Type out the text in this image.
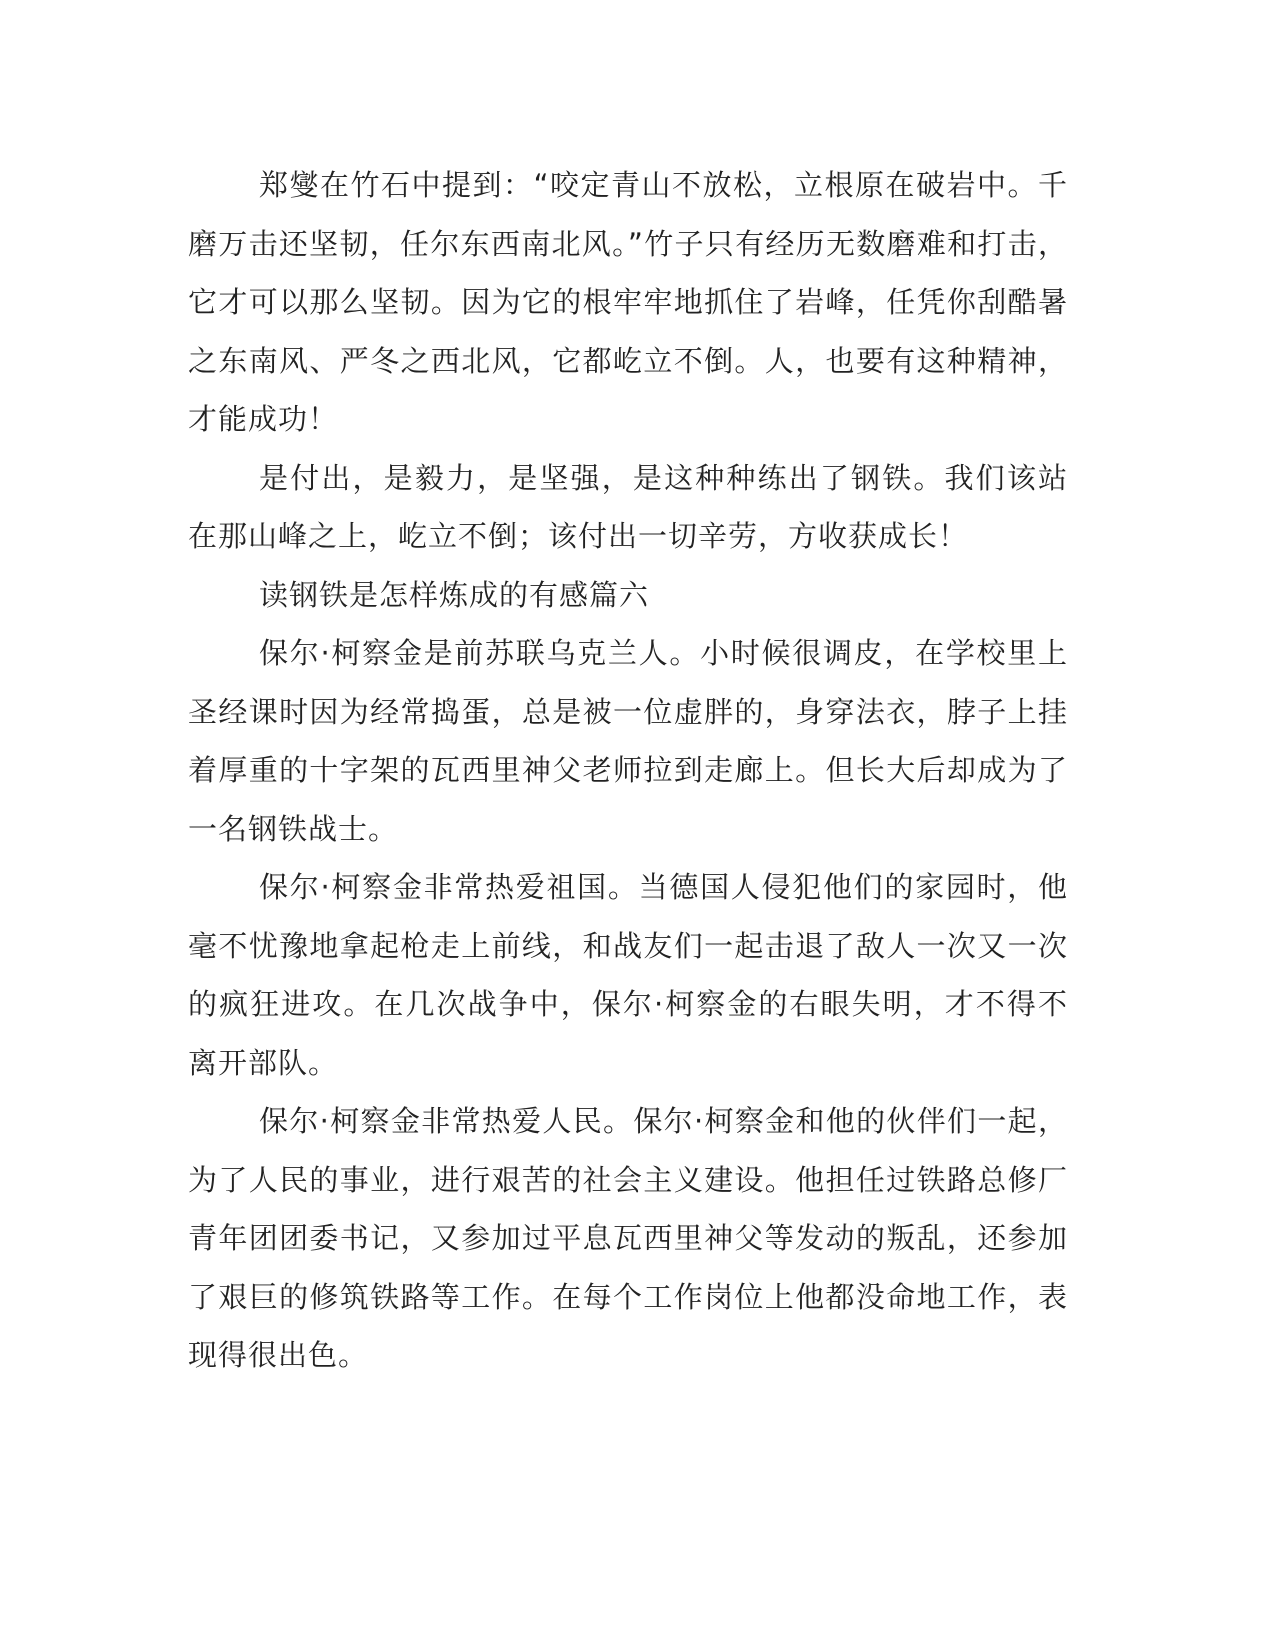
郑燮在竹石中提到：“咬定青山不放松，立根原在破岩中。千磨万击还坚韧，任尔东西南北风。”竹子只有经历无数磨难和打击，它才可以那么坚韧。因为它的根牢牢地抓住了岩峰，任凭你刮酷暑之东南风、严冬之西北风，它都屹立不倒。人，也要有这种精神，才能成功！

是付出，是毅力，是坚强，是这种种练出了钢铁。我们该站在那山峰之上，屹立不倒；该付出一切辛劳，方收获成长！

读钢铁是怎样炼成的有感篇六

保尔·柯察金是前苏联乌克兰人。小时候很调皮，在学校里上圣经课时因为经常捣蛋，总是被一位虚胖的，身穿法衣，脖子上挂着厚重的十字架的瓦西里神父老师拉到走廊上。但长大后却成为了一名钢铁战士。

保尔·柯察金非常热爱祖国。当德国人侵犯他们的家园时，他毫不忧豫地拿起枪走上前线，和战友们一起击退了敌人一次又一次的疯狂进攻。在几次战争中，保尔·柯察金的右眼失明，才不得不离开部队。

保尔·柯察金非常热爱人民。保尔·柯察金和他的伙伴们一起，为了人民的事业，进行艰苦的社会主义建设。他担任过铁路总修厂青年团团委书记，又参加过平息瓦西里神父等发动的叛乱，还参加了艰巨的修筑铁路等工作。在每个工作岗位上他都没命地工作，表现得很出色。
